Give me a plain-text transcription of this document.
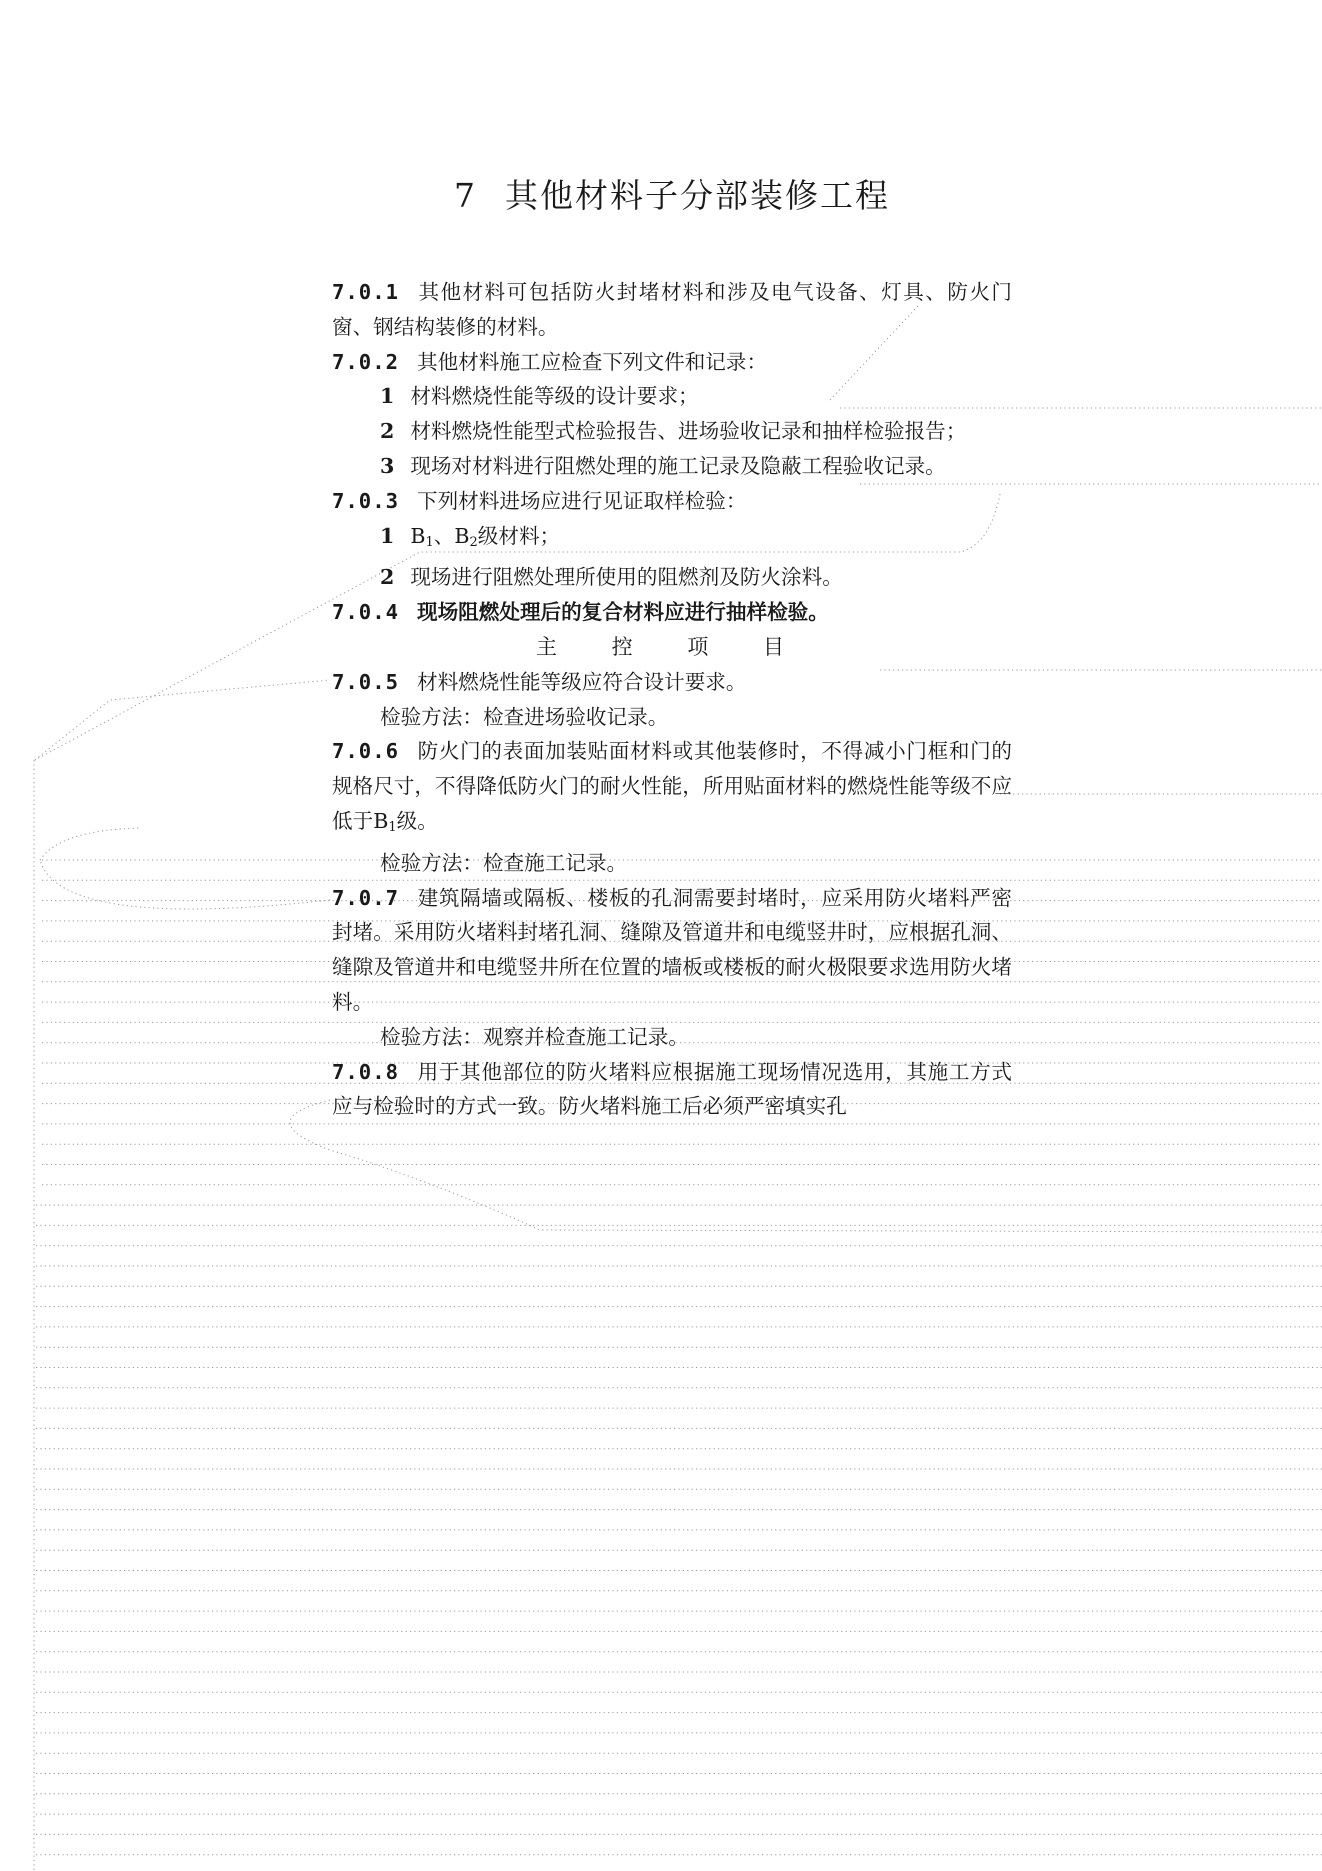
7 其他材料子分部装修工程

7.0.1 其他材料可包括防火封堵材料和涉及电气设备、灯具、防火门窗、钢结构装修的材料。

7.0.2 其他材料施工应检查下列文件和记录：

1 材料燃烧性能等级的设计要求；

2 材料燃烧性能型式检验报告、进场验收记录和抽样检验报告；

3 现场对材料进行阻燃处理的施工记录及隐蔽工程验收记录。

7.0.3 下列材料进场应进行见证取样检验：

1 $B_1$、$B_2$级材料；

2 现场进行阻燃处理所使用的阻燃剂及防火涂料。

7.0.4 现场阻燃处理后的复合材料应进行抽样检验。

主 控 项 目

7.0.5 材料燃烧性能等级应符合设计要求。

检验方法：检查进场验收记录。

7.0.6 防火门的表面加装贴面材料或其他装修时，不得减小门框和门的规格尺寸，不得降低防火门的耐火性能，所用贴面材料的燃烧性能等级不应低于$B_1$级。

检验方法：检查施工记录。

7.0.7 建筑隔墙或隔板、楼板的孔洞需要封堵时，应采用防火堵料严密封堵。采用防火堵料封堵孔洞、缝隙及管道井和电缆竖井时，应根据孔洞、缝隙及管道井和电缆竖井所在位置的墙板或楼板的耐火极限要求选用防火堵料。

检验方法：观察并检查施工记录。

7.0.8 用于其他部位的防火堵料应根据施工现场情况选用，其施工方式应与检验时的方式一致。防火堵料施工后必须严密填实孔
